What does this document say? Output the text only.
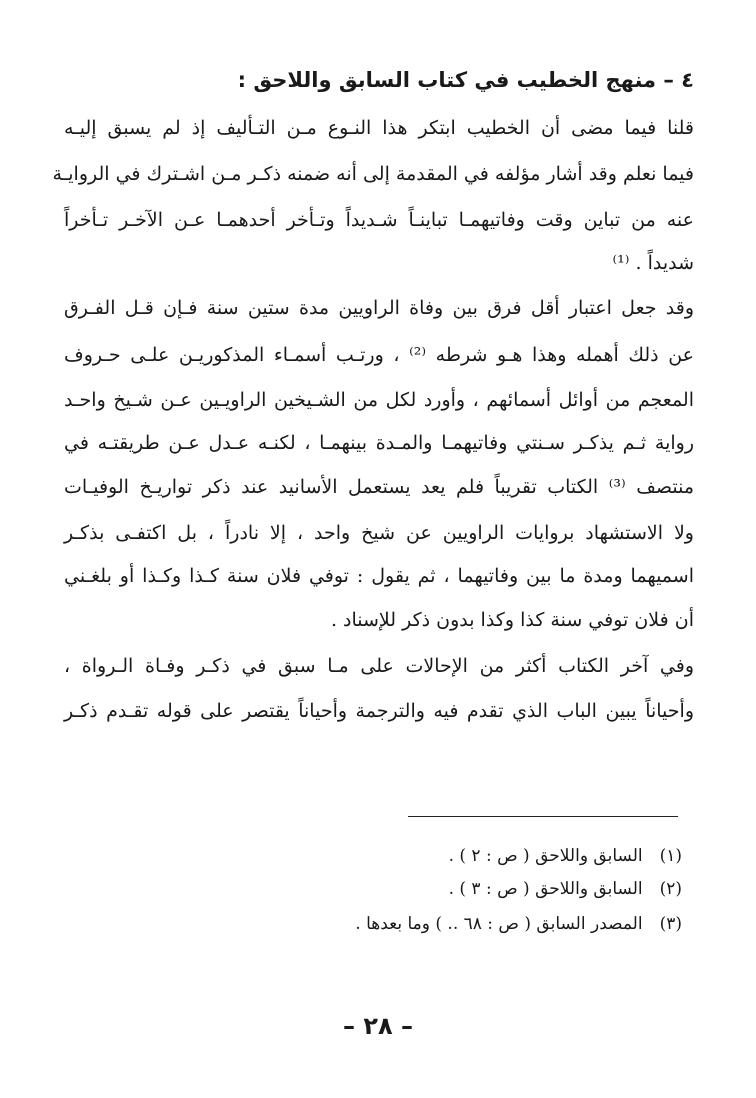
٤ – منهج الخطيب في كتاب السابق واللاحق :
قلنا فيما مضى أن الخطيب ابتكر هذا النـوع مـن التـأليف إذ لم يسبق إليـه
فيما نعلم وقد أشار مؤلفه في المقدمة إلى أنه ضمنه ذكـر مـن اشـترك في الروايـة
عنه من تباين وقت وفاتيهمـا تباينـاً شـديداً وتـأخر أحدهمـا عـن الآخـر تـأخراً
شديداً . ⁽¹⁾
وقد جعل اعتبار أقل فرق بين وفاة الراويين مدة ستين سنة فـإن قـل الفـرق
عن ذلك أهمله وهذا هـو شرطه ⁽²⁾ ، ورتـب أسمـاء المذكوريـن علـى حـروف
المعجم من أوائل أسمائهم ، وأورد لكل من الشـيخين الراويـين عـن شـيخ واحـد
رواية ثـم يذكـر سـنتي وفاتيهمـا والمـدة بينهمـا ، لكنـه عـدل عـن طريقتـه في
منتصف ⁽³⁾ الكتاب تقريباً فلم يعد يستعمل الأسانيد عند ذكر تواريـخ الوفيـات
ولا الاستشهاد بروايات الراويين عن شيخ واحد ، إلا نادراً ، بل اكتفـى بذكـر
اسميهما ومدة ما بين وفاتيهما ، ثم يقول : توفي فلان سنة كـذا وكـذا أو بلغـني
أن فلان توفي سنة كذا وكذا بدون ذكر للإسناد .
وفي آخر الكتاب أكثر من الإحالات على مـا سبق في ذكـر وفـاة الـرواة ،
وأحياناً يبين الباب الذي تقدم فيه والترجمة وأحياناً يقتصر على قوله تقـدم ذكـر
(١) السابق واللاحق ( ص : ٢ ) .
(٢) السابق واللاحق ( ص : ٣ ) .
(٣) المصدر السابق ( ص : ٦٨ .. ) وما بعدها .
– ٢٨ –
